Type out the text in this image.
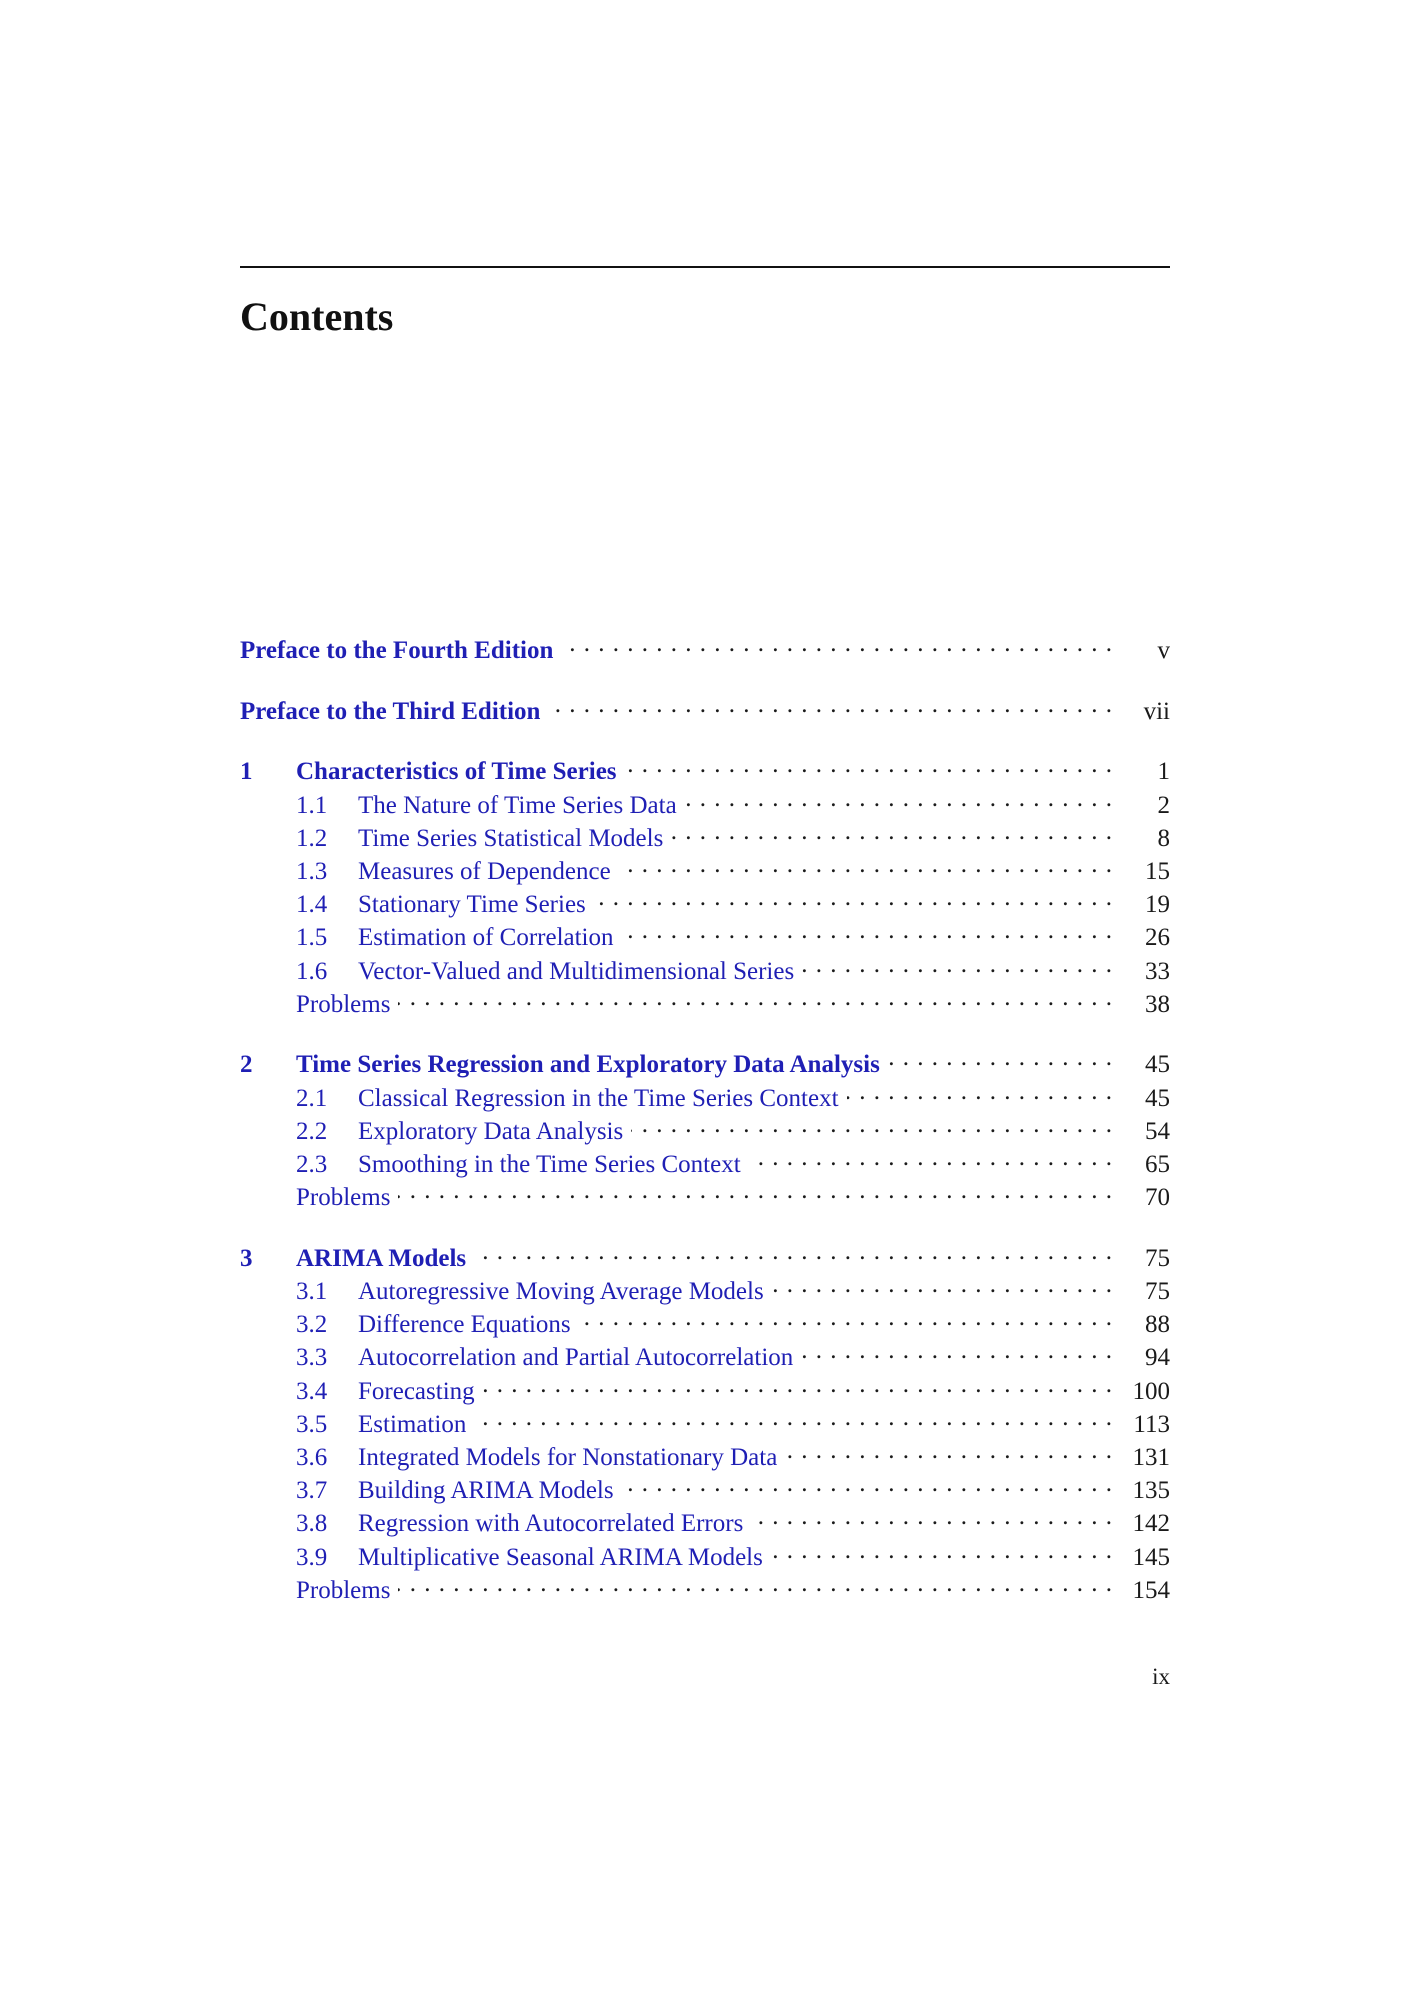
Contents
Preface to the Fourth Edition . . .	v
Preface to the Third Edition . . .	vii
1	Characteristics of Time Series . . .	1
1.1	The Nature of Time Series Data . . .	2
1.2	Time Series Statistical Models . . .	8
1.3	Measures of Dependence . . .	15
1.4	Stationary Time Series . . .	19
1.5	Estimation of Correlation . . .	26
1.6	Vector-Valued and Multidimensional Series . . .	33
Problems . . .	38
2	Time Series Regression and Exploratory Data Analysis . . .	45
2.1	Classical Regression in the Time Series Context . . .	45
2.2	Exploratory Data Analysis . . .	54
2.3	Smoothing in the Time Series Context . . .	65
Problems . . .	70
3	ARIMA Models . . .	75
3.1	Autoregressive Moving Average Models . . .	75
3.2	Difference Equations . . .	88
3.3	Autocorrelation and Partial Autocorrelation . . .	94
3.4	Forecasting . . .	100
3.5	Estimation . . .	113
3.6	Integrated Models for Nonstationary Data . . .	131
3.7	Building ARIMA Models . . .	135
3.8	Regression with Autocorrelated Errors . . .	142
3.9	Multiplicative Seasonal ARIMA Models . . .	145
Problems . . .	154
ix
